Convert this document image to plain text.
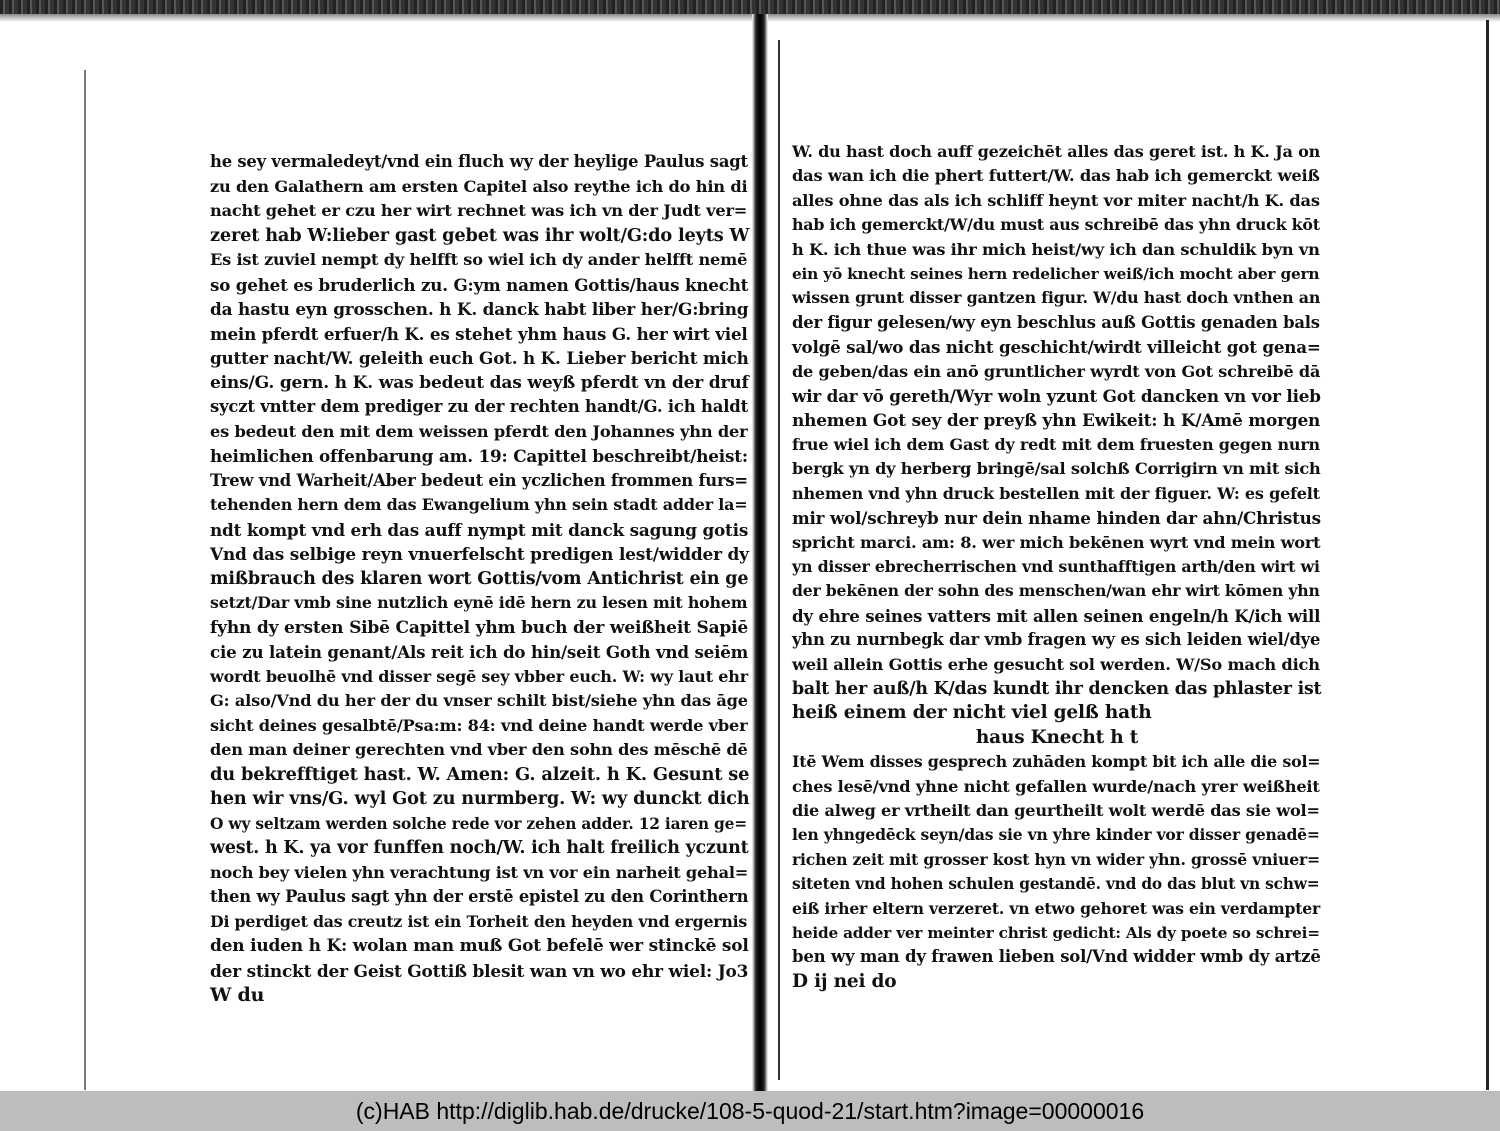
he sey vermaledeyt/vnd ein fluch wy der heylige Paulus sagt
zu den Galathern am ersten Capitel also reythe ich do hin di
nacht gehet er czu her wirt rechnet was ich vn der Judt ver=
zeret hab W:lieber gast gebet was ihr wolt/G:do leyts W
Es ist zuviel nempt dy helfft so wiel ich dy ander helfft nemē
so gehet es bruderlich zu. G:ym namen Gottis/haus knecht
da hastu eyn grosschen. h K. danck habt liber her/G:bring
mein pferdt erfuer/h K. es stehet yhm haus G. her wirt viel
gutter nacht/W. geleith euch Got. h K. Lieber bericht mich
eins/G. gern. h K. was bedeut das weyß pferdt vn der druf
syczt vntter dem prediger zu der rechten handt/G. ich haldt
es bedeut den mit dem weissen pferdt den Johannes yhn der
heimlichen offenbarung am. 19: Capittel beschreibt/heist:
Trew vnd Warheit/Aber bedeut ein yczlichen frommen furs=
tehenden hern dem das Ewangelium yhn sein stadt adder la=
ndt kompt vnd erh das auff nympt mit danck sagung gotis
Vnd das selbige reyn vnuerfelscht predigen lest/widder dy
mißbrauch des klaren wort Gottis/vom Antichrist ein ge
setzt/Dar vmb sine nutzlich eynē idē hern zu lesen mit hohem
fyhn dy ersten Sibē Capittel yhm buch der weißheit Sapiē
cie zu latein genant/Als reit ich do hin/seit Goth vnd seiēm
wordt beuolhē vnd disser segē sey vbber euch. W: wy laut ehr
G: also/Vnd du her der du vnser schilt bist/siehe yhn das āge
sicht deines gesalbtē/Psa:m: 84: vnd deine handt werde vber
den man deiner gerechten vnd vber den sohn des mēschē dē
du bekrefftiget hast. W. Amen: G. alzeit. h K. Gesunt se
hen wir vns/G. wyl Got zu nurmberg. W: wy dunckt dich
O wy seltzam werden solche rede vor zehen adder. 12 iaren ge=
west. h K. ya vor funffen noch/W. ich halt freilich yczunt
noch bey vielen yhn verachtung ist vn vor ein narheit gehal=
then wy Paulus sagt yhn der erstē epistel zu den Corinthern
Di perdiget das creutz ist ein Torheit den heyden vnd ergernis
den iuden h K: wolan man muß Got befelē wer stinckē sol
der stinckt der Geist Gottiß blesit wan vn wo ehr wiel: Jo3
W du
W. du hast doch auff gezeichēt alles das geret ist. h K. Ja on
das wan ich die phert futtert/W. das hab ich gemerckt weiß
alles ohne das als ich schliff heynt vor miter nacht/h K. das
hab ich gemerckt/W/du must aus schreibē das yhn druck kōt
h K. ich thue was ihr mich heist/wy ich dan schuldik byn vn
ein yō knecht seines hern redelicher weiß/ich mocht aber gern
wissen grunt disser gantzen figur. W/du hast doch vnthen an
der figur gelesen/wy eyn beschlus auß Gottis genaden bals
volgē sal/wo das nicht geschicht/wirdt villeicht got gena=
de geben/das ein anō gruntlicher wyrdt von Got schreibē dā
wir dar vō gereth/Wyr woln yzunt Got dancken vn vor lieb
nhemen Got sey der preyß yhn Ewikeit: h K/Amē morgen
frue wiel ich dem Gast dy redt mit dem fruesten gegen nurn
bergk yn dy herberg bringē/sal solchß Corrigirn vn mit sich
nhemen vnd yhn druck bestellen mit der figuer. W: es gefelt
mir wol/schreyb nur dein nhame hinden dar ahn/Christus
spricht marci. am: 8. wer mich bekēnen wyrt vnd mein wort
yn disser ebrecherrischen vnd sunthafftigen arth/den wirt wi
der bekēnen der sohn des menschen/wan ehr wirt kōmen yhn
dy ehre seines vatters mit allen seinen engeln/h K/ich will
yhn zu nurnbegk dar vmb fragen wy es sich leiden wiel/dye
weil allein Gottis erhe gesucht sol werden. W/So mach dich
balt her auß/h K/das kundt ihr dencken das phlaster ist
heiß einem der nicht viel gelß hath
haus Knecht h t
Itē Wem disses gesprech zuhāden kompt bit ich alle die sol=
ches lesē/vnd yhne nicht gefallen wurde/nach yrer weißheit
die alweg er vrtheilt dan geurtheilt wolt werdē das sie wol=
len yhngedēck seyn/das sie vn yhre kinder vor disser genadē=
richen zeit mit grosser kost hyn vn wider yhn. grossē vniuer=
siteten vnd hohen schulen gestandē. vnd do das blut vn schw=
eiß irher eltern verzeret. vn etwo gehoret was ein verdampter
heide adder ver meinter christ gedicht: Als dy poete so schrei=
ben wy man dy frawen lieben sol/Vnd widder wmb dy artzē
D ij nei do
(c)HAB http://diglib.hab.de/drucke/108-5-quod-21/start.htm?image=00000016
